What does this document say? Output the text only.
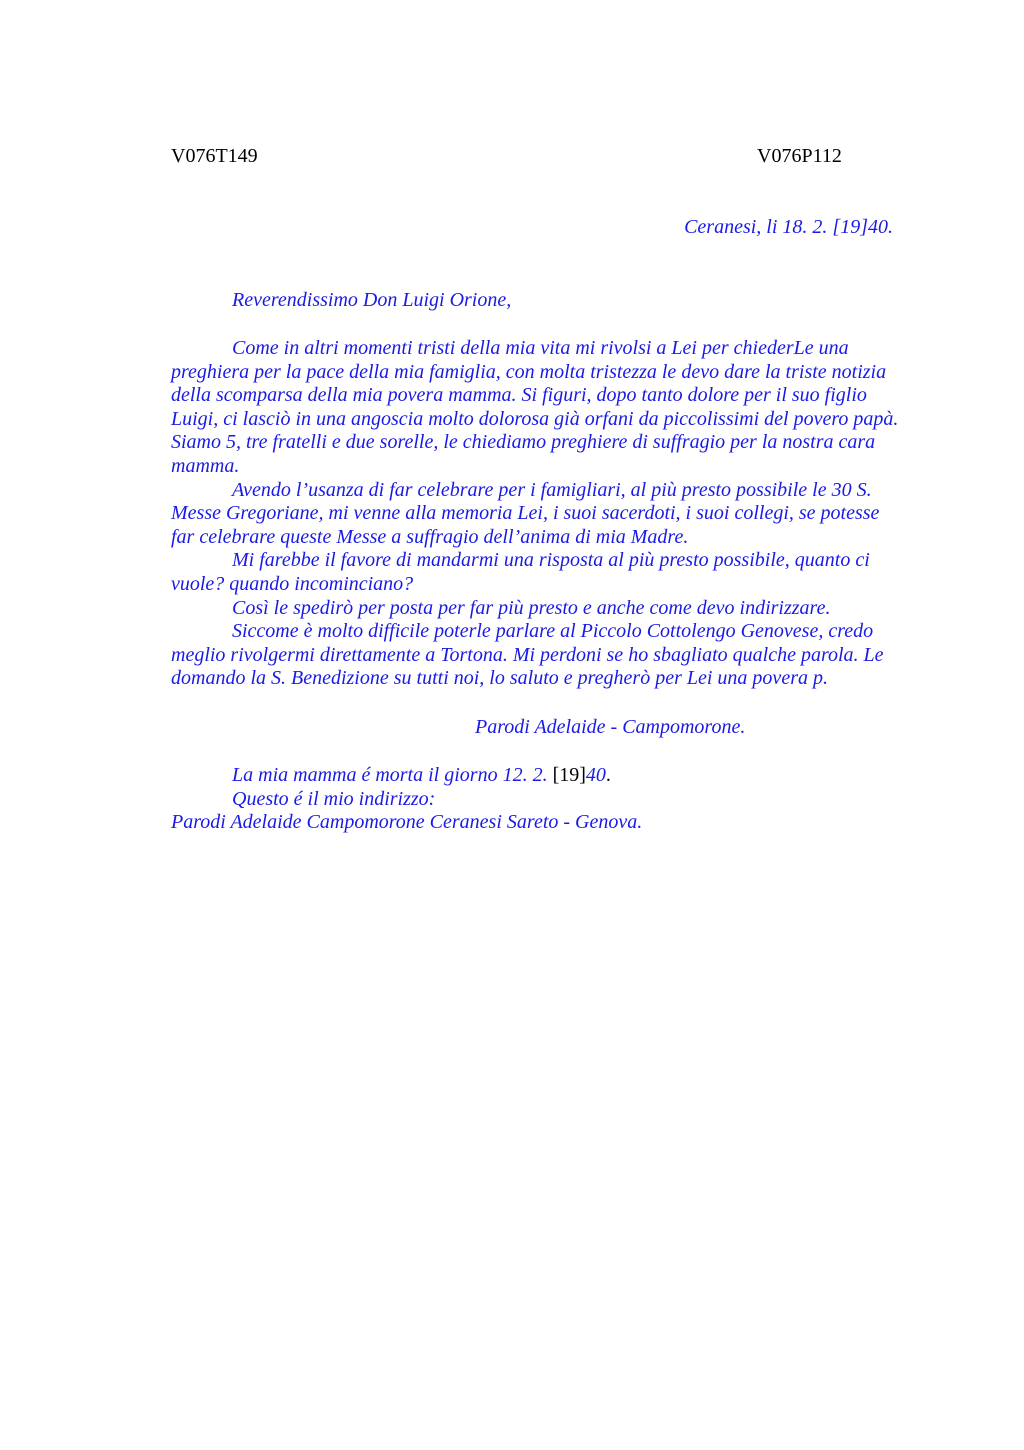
V076T149	V076P112
Ceranesi, li 18. 2. [19]40.
Reverendissimo Don Luigi Orione,
Come in altri momenti tristi della mia vita mi rivolsi a Lei per chiederLe una
preghiera per la pace della mia famiglia, con molta tristezza le devo dare la triste notizia
della scomparsa della mia povera mamma. Si figuri, dopo tanto dolore per il suo figlio
Luigi, ci lasciò in una angoscia molto dolorosa già orfani da piccolissimi del povero papà.
Siamo 5, tre fratelli e due sorelle, le chiediamo preghiere di suffragio per la nostra cara
mamma.
Avendo l’usanza di far celebrare per i famigliari, al più presto possibile le 30 S.
Messe Gregoriane, mi venne alla memoria Lei, i suoi sacerdoti, i suoi collegi, se potesse
far celebrare queste Messe a suffragio dell’anima di mia Madre.
Mi farebbe il favore di mandarmi una risposta al più presto possibile, quanto ci
vuole? quando incominciano?
Così le spedirò per posta per far più presto e anche come devo indirizzare.
Siccome è molto difficile poterle parlare al Piccolo Cottolengo Genovese, credo
meglio rivolgermi direttamente a Tortona. Mi perdoni se ho sbagliato qualche parola. Le
domando la S. Benedizione su tutti noi, lo saluto e pregherò per Lei una povera p.
Parodi Adelaide - Campomorone.
La mia mamma é morta il giorno 12. 2. [19]40.
Questo é il mio indirizzo:
Parodi Adelaide Campomorone Ceranesi Sareto - Genova.
